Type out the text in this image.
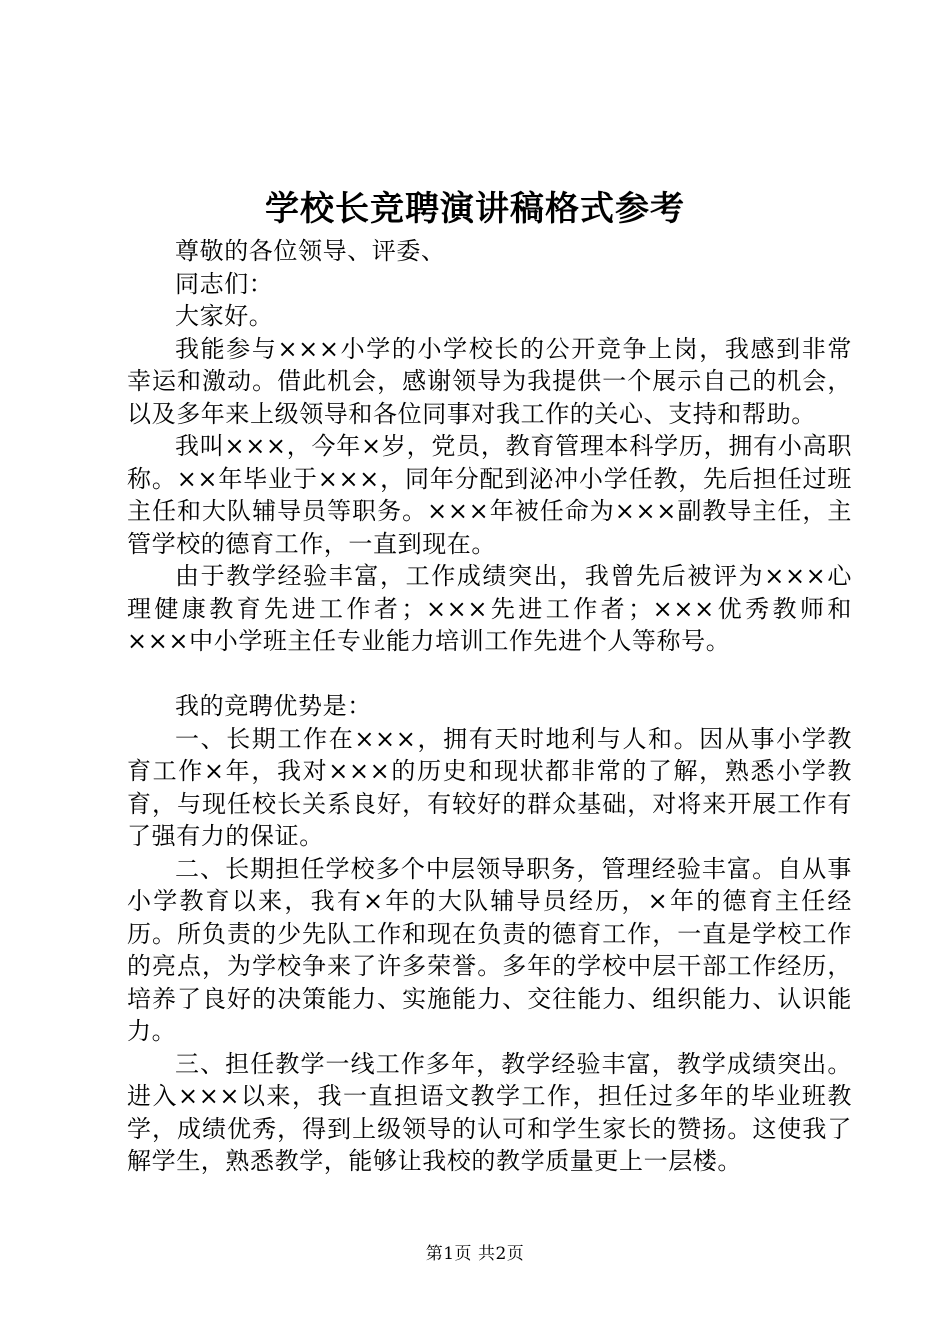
学校长竞聘演讲稿格式参考

尊敬的各位领导、评委、

同志们：

大家好。

我能参与×××小学的小学校长的公开竞争上岗，我感到非常幸运和激动。借此机会，感谢领导为我提供一个展示自己的机会，以及多年来上级领导和各位同事对我工作的关心、支持和帮助。

我叫×××，今年×岁，党员，教育管理本科学历，拥有小高职称。××年毕业于×××，同年分配到泌冲小学任教，先后担任过班主任和大队辅导员等职务。×××年被任命为×××副教导主任，主管学校的德育工作，一直到现在。

由于教学经验丰富，工作成绩突出，我曾先后被评为×××心理健康教育先进工作者；×××先进工作者；×××优秀教师和×××中小学班主任专业能力培训工作先进个人等称号。

我的竞聘优势是：

一、长期工作在×××，拥有天时地利与人和。因从事小学教育工作×年，我对×××的历史和现状都非常的了解，熟悉小学教育，与现任校长关系良好，有较好的群众基础，对将来开展工作有了强有力的保证。

二、长期担任学校多个中层领导职务，管理经验丰富。自从事小学教育以来，我有×年的大队辅导员经历，×年的德育主任经历。所负责的少先队工作和现在负责的德育工作，一直是学校工作的亮点，为学校争来了许多荣誉。多年的学校中层干部工作经历，培养了良好的决策能力、实施能力、交往能力、组织能力、认识能力。

三、担任教学一线工作多年，教学经验丰富，教学成绩突出。进入×××以来，我一直担语文教学工作，担任过多年的毕业班教学，成绩优秀，得到上级领导的认可和学生家长的赞扬。这使我了解学生，熟悉教学，能够让我校的教学质量更上一层楼。

第1页 共2页
